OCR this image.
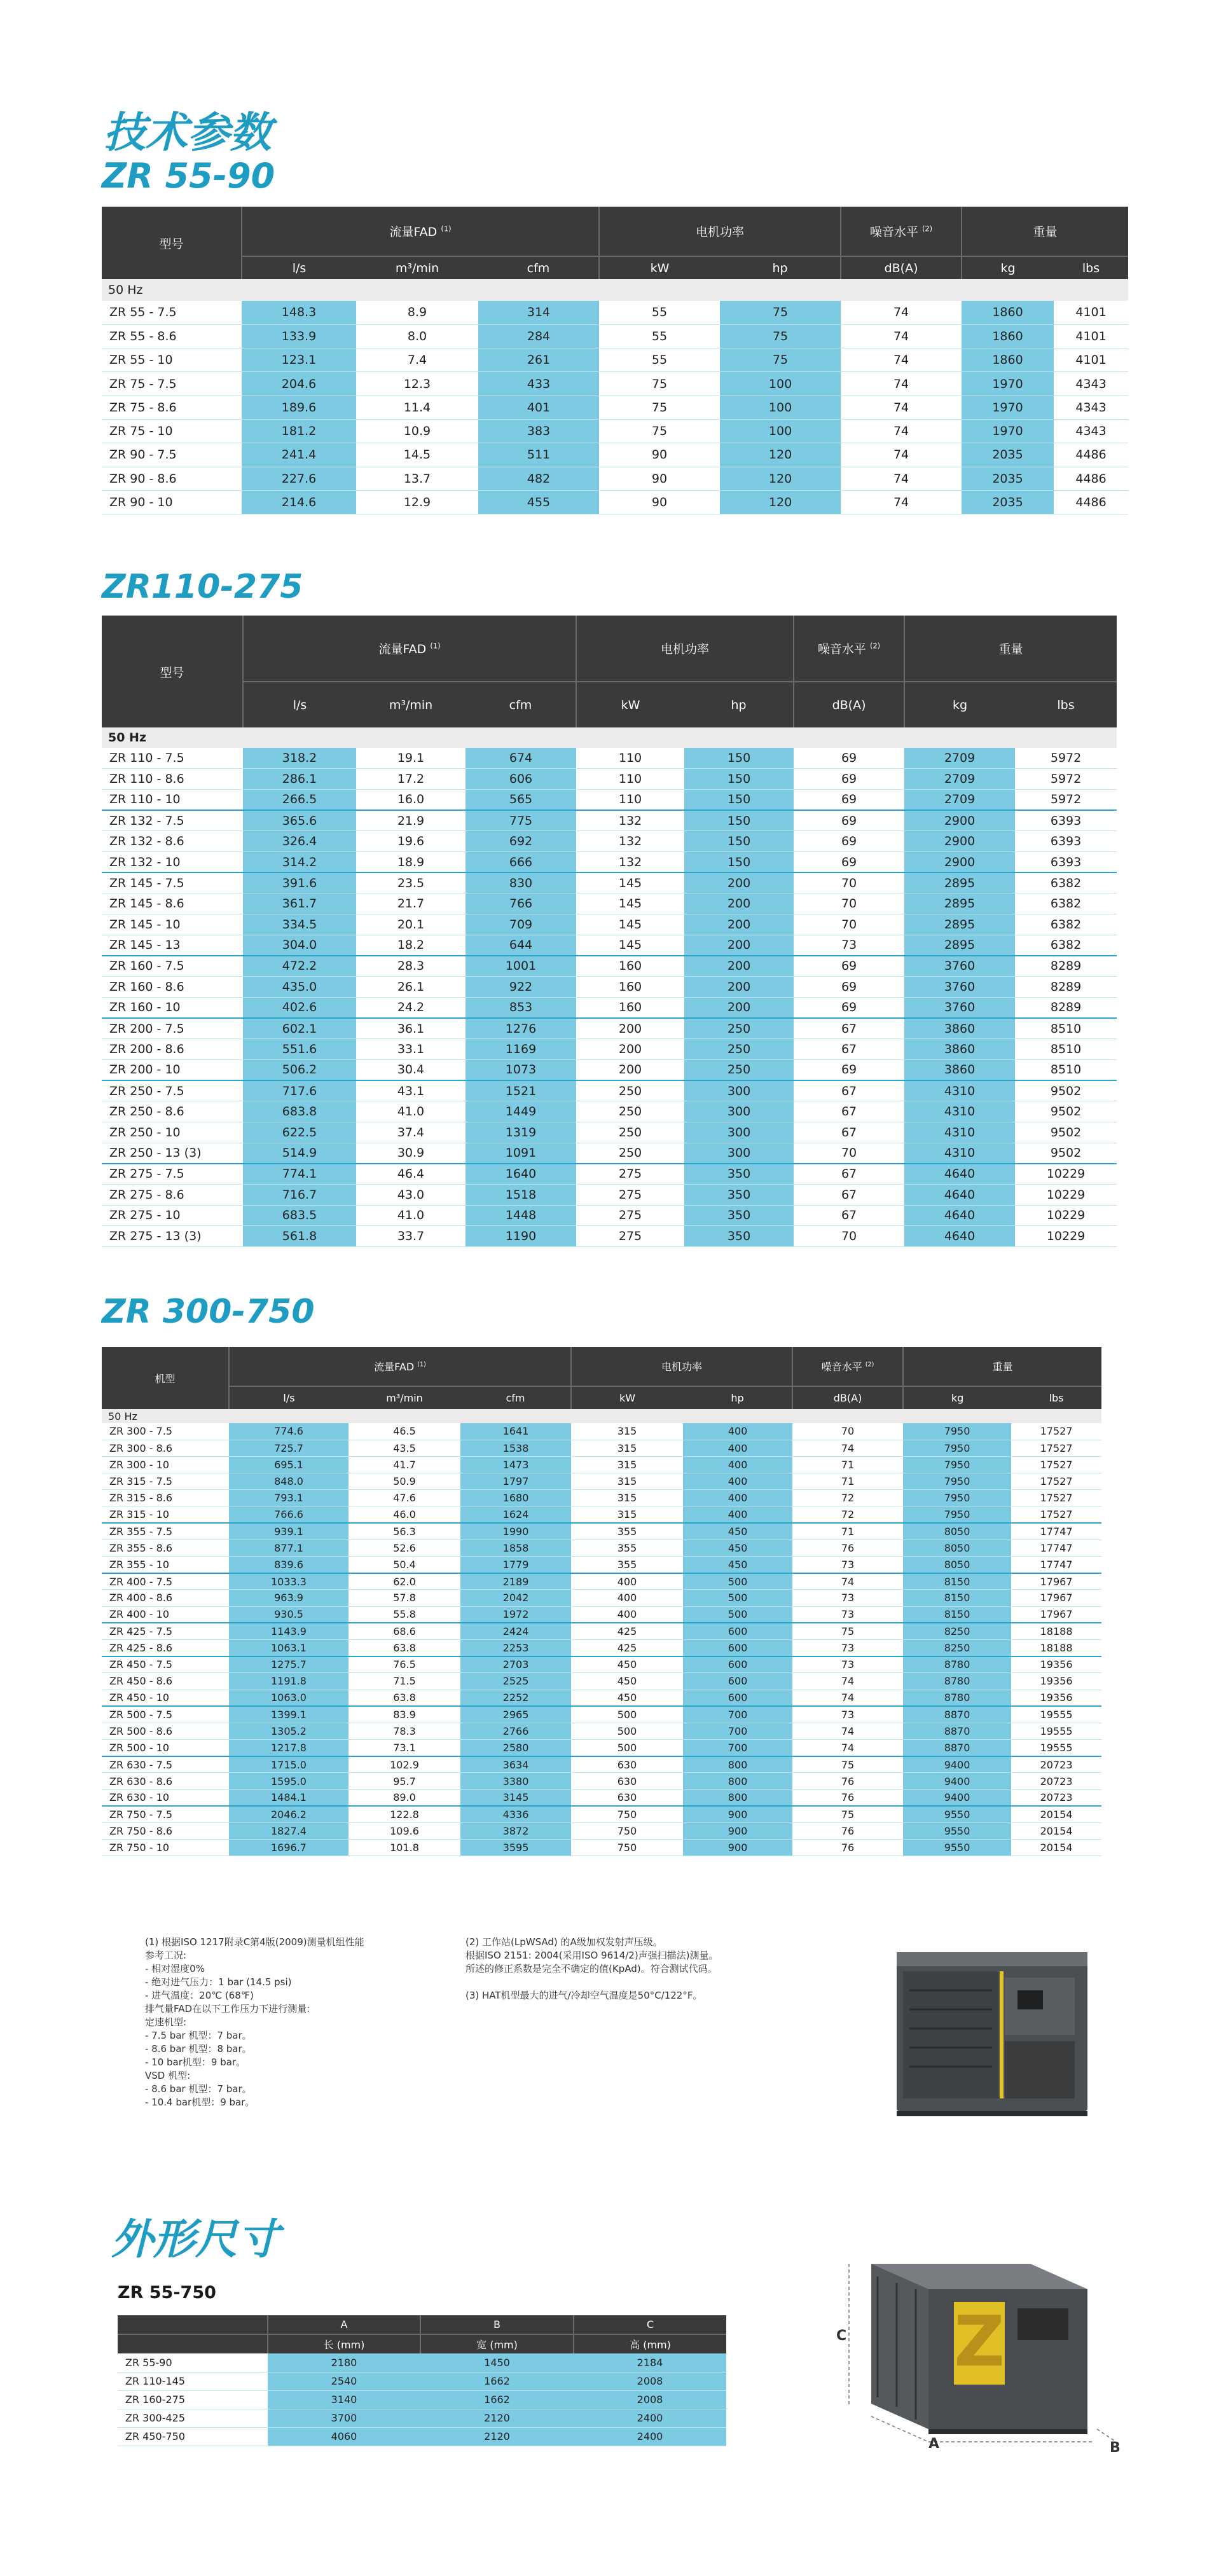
技术参数
ZR 55-90
型号	流量FAD $^{(1)}$			电机功率		噪音水平 $^{(2)}$	重量	
	l/s	m³/min	cfm	kW	hp	dB(A)	kg	lbs
50 Hz								
ZR 55 - 7.5	148.3	8.9	314	55	75	74	1860	4101
ZR 55 - 8.6	133.9	8.0	284	55	75	74	1860	4101
ZR 55 - 10	123.1	7.4	261	55	75	74	1860	4101
ZR 75 - 7.5	204.6	12.3	433	75	100	74	1970	4343
ZR 75 - 8.6	189.6	11.4	401	75	100	74	1970	4343
ZR 75 - 10	181.2	10.9	383	75	100	74	1970	4343
ZR 90 - 7.5	241.4	14.5	511	90	120	74	2035	4486
ZR 90 - 8.6	227.6	13.7	482	90	120	74	2035	4486
ZR 90 - 10	214.6	12.9	455	90	120	74	2035	4486
ZR110-275
型号	流量FAD $^{(1)}$			电机功率		噪音水平 $^{(2)}$	重量	
	l/s	m³/min	cfm	kW	hp	dB(A)	kg	lbs
50 Hz								
ZR 110 - 7.5	318.2	19.1	674	110	150	69	2709	5972
ZR 110 - 8.6	286.1	17.2	606	110	150	69	2709	5972
ZR 110 - 10	266.5	16.0	565	110	150	69	2709	5972
ZR 132 - 7.5	365.6	21.9	775	132	150	69	2900	6393
ZR 132 - 8.6	326.4	19.6	692	132	150	69	2900	6393
ZR 132 - 10	314.2	18.9	666	132	150	69	2900	6393
ZR 145 - 7.5	391.6	23.5	830	145	200	70	2895	6382
ZR 145 - 8.6	361.7	21.7	766	145	200	70	2895	6382
ZR 145 - 10	334.5	20.1	709	145	200	70	2895	6382
ZR 145 - 13	304.0	18.2	644	145	200	73	2895	6382
ZR 160 - 7.5	472.2	28.3	1001	160	200	69	3760	8289
ZR 160 - 8.6	435.0	26.1	922	160	200	69	3760	8289
ZR 160 - 10	402.6	24.2	853	160	200	69	3760	8289
ZR 200 - 7.5	602.1	36.1	1276	200	250	67	3860	8510
ZR 200 - 8.6	551.6	33.1	1169	200	250	67	3860	8510
ZR 200 - 10	506.2	30.4	1073	200	250	69	3860	8510
ZR 250 - 7.5	717.6	43.1	1521	250	300	67	4310	9502
ZR 250 - 8.6	683.8	41.0	1449	250	300	67	4310	9502
ZR 250 - 10	622.5	37.4	1319	250	300	67	4310	9502
ZR 250 - 13 (3)	514.9	30.9	1091	250	300	70	4310	9502
ZR 275 - 7.5	774.1	46.4	1640	275	350	67	4640	10229
ZR 275 - 8.6	716.7	43.0	1518	275	350	67	4640	10229
ZR 275 - 10	683.5	41.0	1448	275	350	67	4640	10229
ZR 275 - 13 (3)	561.8	33.7	1190	275	350	70	4640	10229
ZR 300-750
机型	流量FAD $^{(1)}$			电机功率		噪音水平 $^{(2)}$	重量	
	l/s	m³/min	cfm	kW	hp	dB(A)	kg	lbs
50 Hz								
ZR 300 - 7.5	774.6	46.5	1641	315	400	70	7950	17527
ZR 300 - 8.6	725.7	43.5	1538	315	400	74	7950	17527
ZR 300 - 10	695.1	41.7	1473	315	400	71	7950	17527
ZR 315 - 7.5	848.0	50.9	1797	315	400	71	7950	17527
ZR 315 - 8.6	793.1	47.6	1680	315	400	72	7950	17527
ZR 315 - 10	766.6	46.0	1624	315	400	72	7950	17527
ZR 355 - 7.5	939.1	56.3	1990	355	450	71	8050	17747
ZR 355 - 8.6	877.1	52.6	1858	355	450	76	8050	17747
ZR 355 - 10	839.6	50.4	1779	355	450	73	8050	17747
ZR 400 - 7.5	1033.3	62.0	2189	400	500	74	8150	17967
ZR 400 - 8.6	963.9	57.8	2042	400	500	73	8150	17967
ZR 400 - 10	930.5	55.8	1972	400	500	73	8150	17967
ZR 425 - 7.5	1143.9	68.6	2424	425	600	75	8250	18188
ZR 425 - 8.6	1063.1	63.8	2253	425	600	73	8250	18188
ZR 450 - 7.5	1275.7	76.5	2703	450	600	73	8780	19356
ZR 450 - 8.6	1191.8	71.5	2525	450	600	74	8780	19356
ZR 450 - 10	1063.0	63.8	2252	450	600	74	8780	19356
ZR 500 - 7.5	1399.1	83.9	2965	500	700	73	8870	19555
ZR 500 - 8.6	1305.2	78.3	2766	500	700	74	8870	19555
ZR 500 - 10	1217.8	73.1	2580	500	700	74	8870	19555
ZR 630 - 7.5	1715.0	102.9	3634	630	800	75	9400	20723
ZR 630 - 8.6	1595.0	95.7	3380	630	800	76	9400	20723
ZR 630 - 10	1484.1	89.0	3145	630	800	76	9400	20723
ZR 750 - 7.5	2046.2	122.8	4336	750	900	75	9550	20154
ZR 750 - 8.6	1827.4	109.6	3872	750	900	76	9550	20154
ZR 750 - 10	1696.7	101.8	3595	750	900	76	9550	20154
(1) 根据ISO 1217附录C第4版(2009)测量机组性能
参考工况:
- 相对湿度0%
- 绝对进气压力：1 bar (14.5 psi)
- 进气温度：20℃ (68℉)
排气量FAD在以下工作压力下进行测量:
定速机型:
- 7.5 bar 机型：7 bar。
- 8.6 bar 机型：8 bar。
- 10 bar机型：9 bar。
VSD 机型:
- 8.6 bar 机型：7 bar。
- 10.4 bar机型：9 bar。
(2) 工作站(LpWSAd) 的A级加权发射声压级。
根据ISO 2151: 2004(采用ISO 9614/2)声强扫描法)测量。
所述的修正系数是完全不确定的值(KpAd)。符合测试代码。
(3) HAT机型最大的进气/冷却空气温度是50°C/122°F。
外形尺寸
ZR 55-750
	A	B	C
	长 (mm)	宽 (mm)	高 (mm)
ZR 55-90	2180	1450	2184
ZR 110-145	2540	1662	2008
ZR 160-275	3140	1662	2008
ZR 300-425	3700	2120	2400
ZR 450-750	4060	2120	2400
Z
C
A	B
